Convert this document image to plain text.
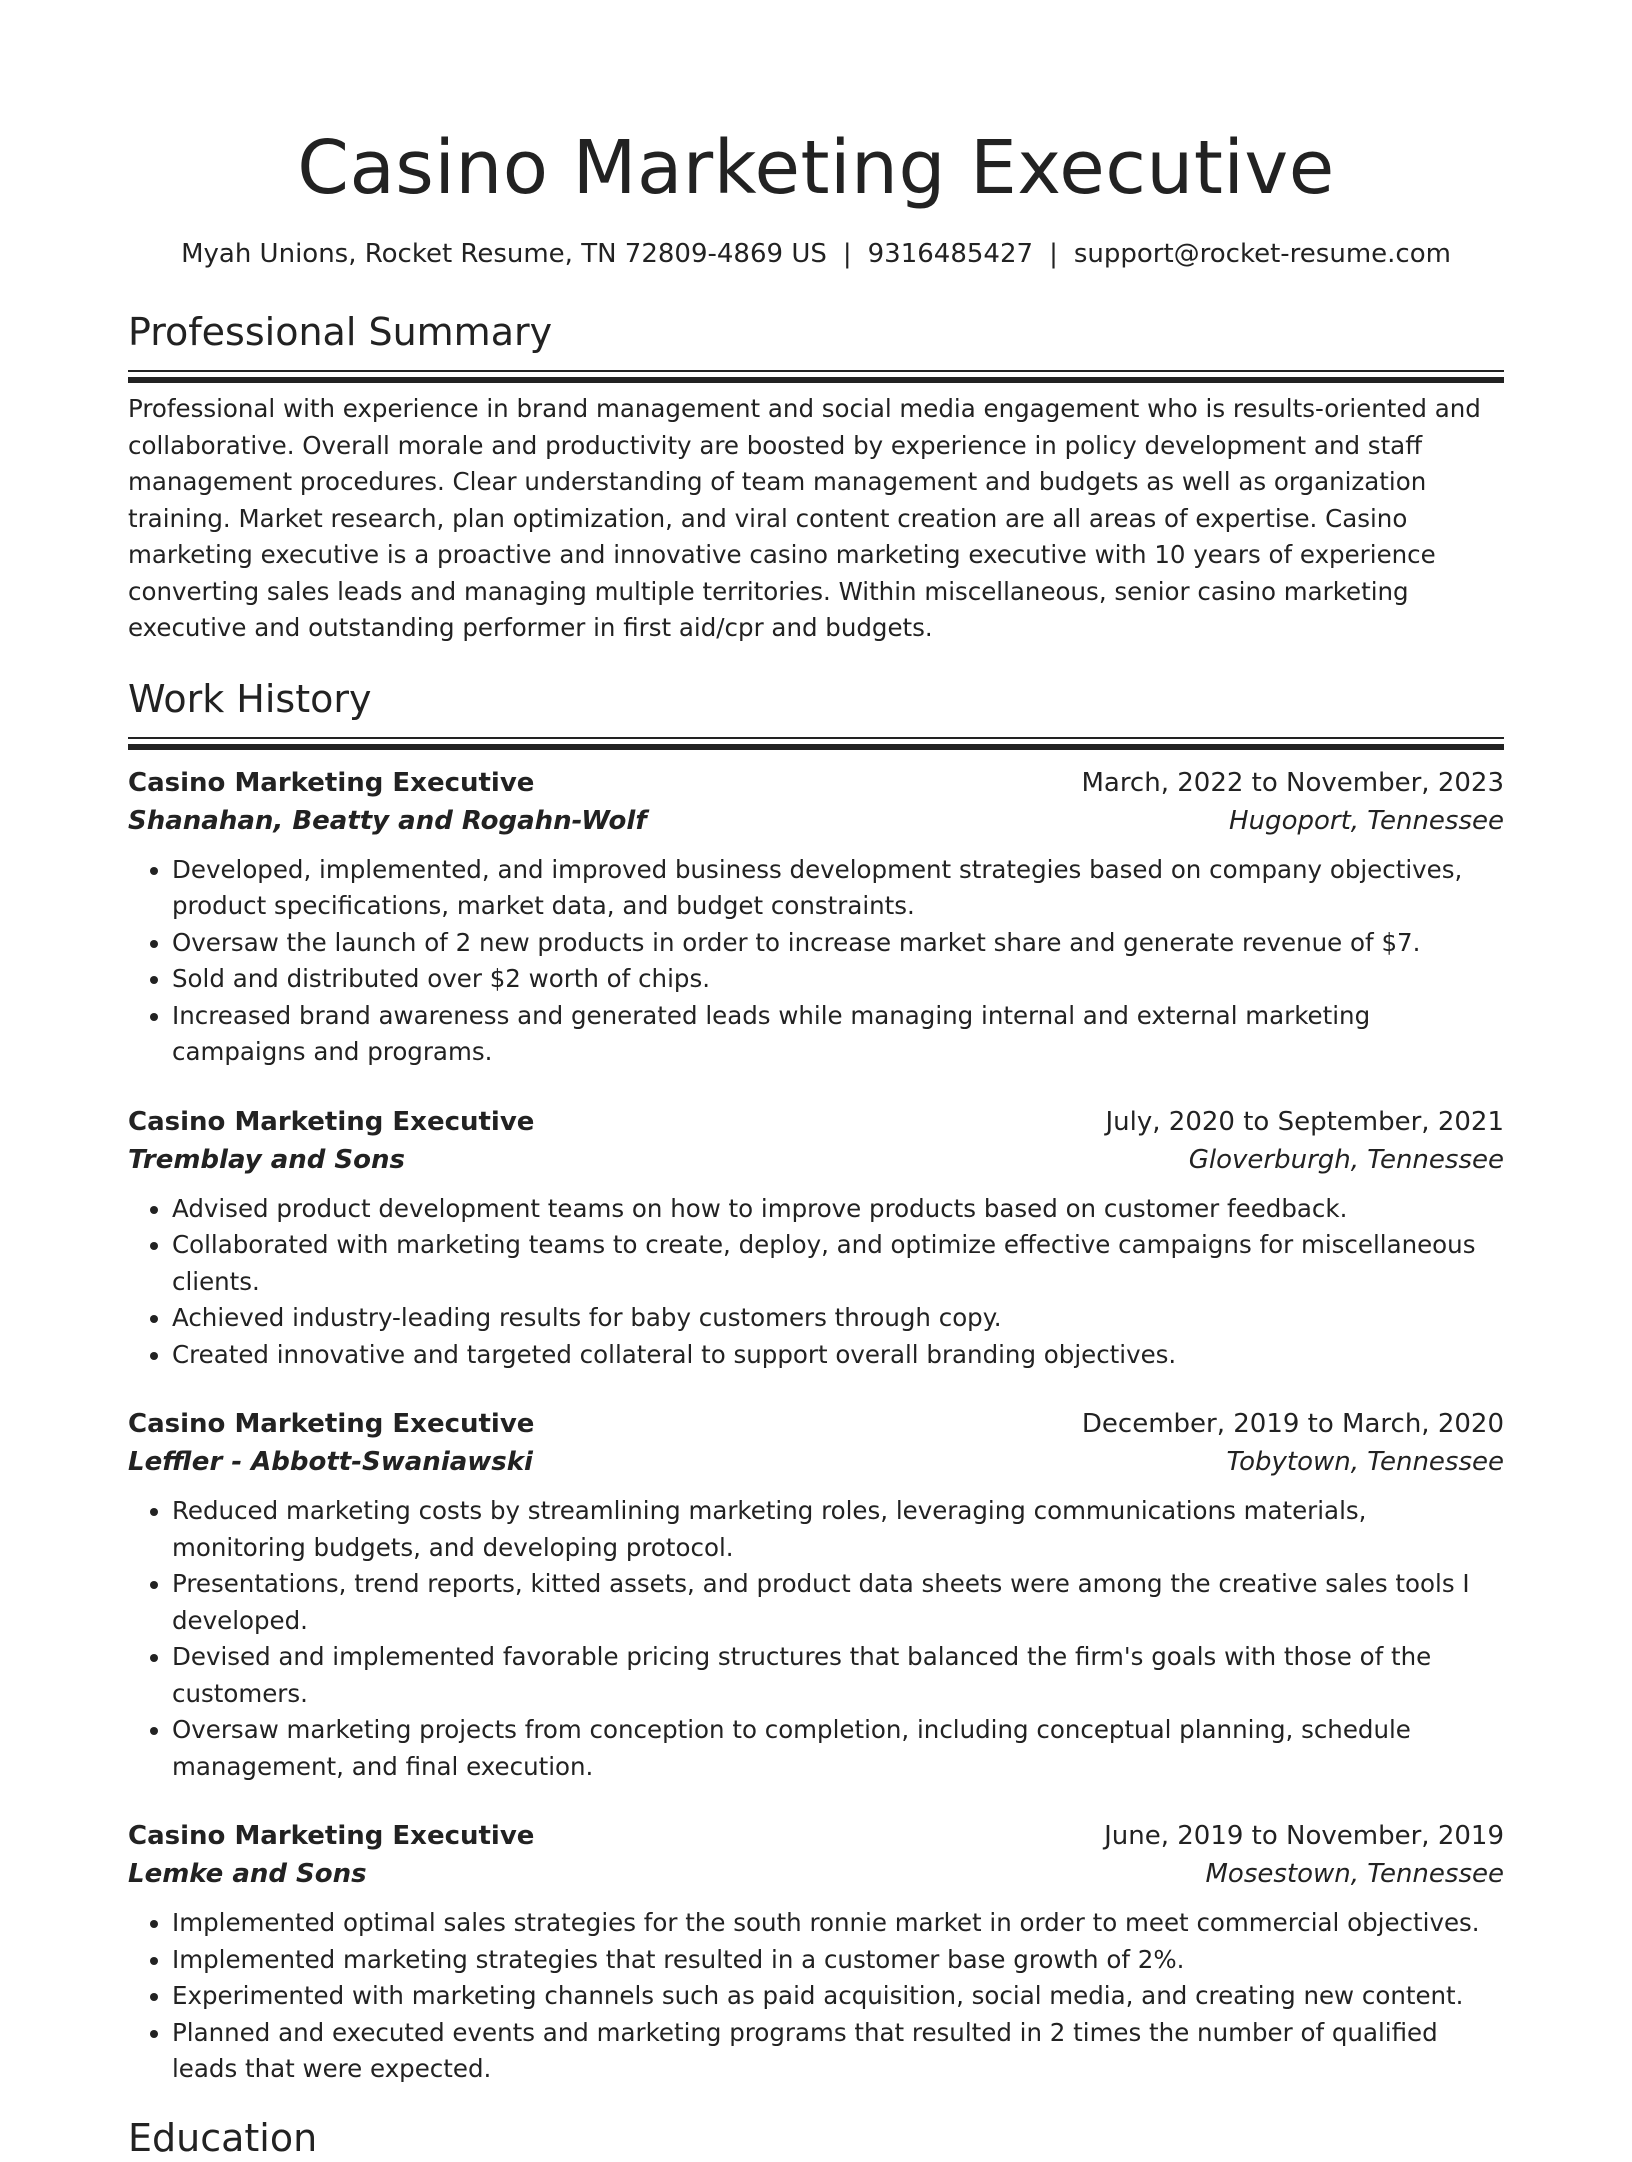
Casino Marketing Executive
Myah Unions, Rocket Resume, TN 72809-4869 US | 9316485427 | support@rocket-resume.com
Professional Summary

Professional with experience in brand management and social media engagement who is results-oriented and collaborative. Overall morale and productivity are boosted by experience in policy development and staff management procedures. Clear understanding of team management and budgets as well as organization training. Market research, plan optimization, and viral content creation are all areas of expertise. Casino marketing executive is a proactive and innovative casino marketing executive with 10 years of experience converting sales leads and managing multiple territories. Within miscellaneous, senior casino marketing executive and outstanding performer in first aid/cpr and budgets.

Work History
Casino Marketing Executive	March, 2022 to November, 2023
Shanahan, Beatty and Rogahn-Wolf	Hugoport, Tennessee
• Developed, implemented, and improved business development strategies based on company objectives, product specifications, market data, and budget constraints.
• Oversaw the launch of 2 new products in order to increase market share and generate revenue of $7.
• Sold and distributed over $2 worth of chips.
• Increased brand awareness and generated leads while managing internal and external marketing campaigns and programs.
Casino Marketing Executive	July, 2020 to September, 2021
Tremblay and Sons	Gloverburgh, Tennessee
• Advised product development teams on how to improve products based on customer feedback.
• Collaborated with marketing teams to create, deploy, and optimize effective campaigns for miscellaneous clients.
• Achieved industry-leading results for baby customers through copy.
• Created innovative and targeted collateral to support overall branding objectives.
Casino Marketing Executive	December, 2019 to March, 2020
Leffler - Abbott-Swaniawski	Tobytown, Tennessee
• Reduced marketing costs by streamlining marketing roles, leveraging communications materials, monitoring budgets, and developing protocol.
• Presentations, trend reports, kitted assets, and product data sheets were among the creative sales tools I developed.
• Devised and implemented favorable pricing structures that balanced the firm's goals with those of the customers.
• Oversaw marketing projects from conception to completion, including conceptual planning, schedule management, and final execution.
Casino Marketing Executive	June, 2019 to November, 2019
Lemke and Sons	Mosestown, Tennessee
• Implemented optimal sales strategies for the south ronnie market in order to meet commercial objectives.
• Implemented marketing strategies that resulted in a customer base growth of 2%.
• Experimented with marketing channels such as paid acquisition, social media, and creating new content.
• Planned and executed events and marketing programs that resulted in 2 times the number of qualified leads that were expected.
Education
